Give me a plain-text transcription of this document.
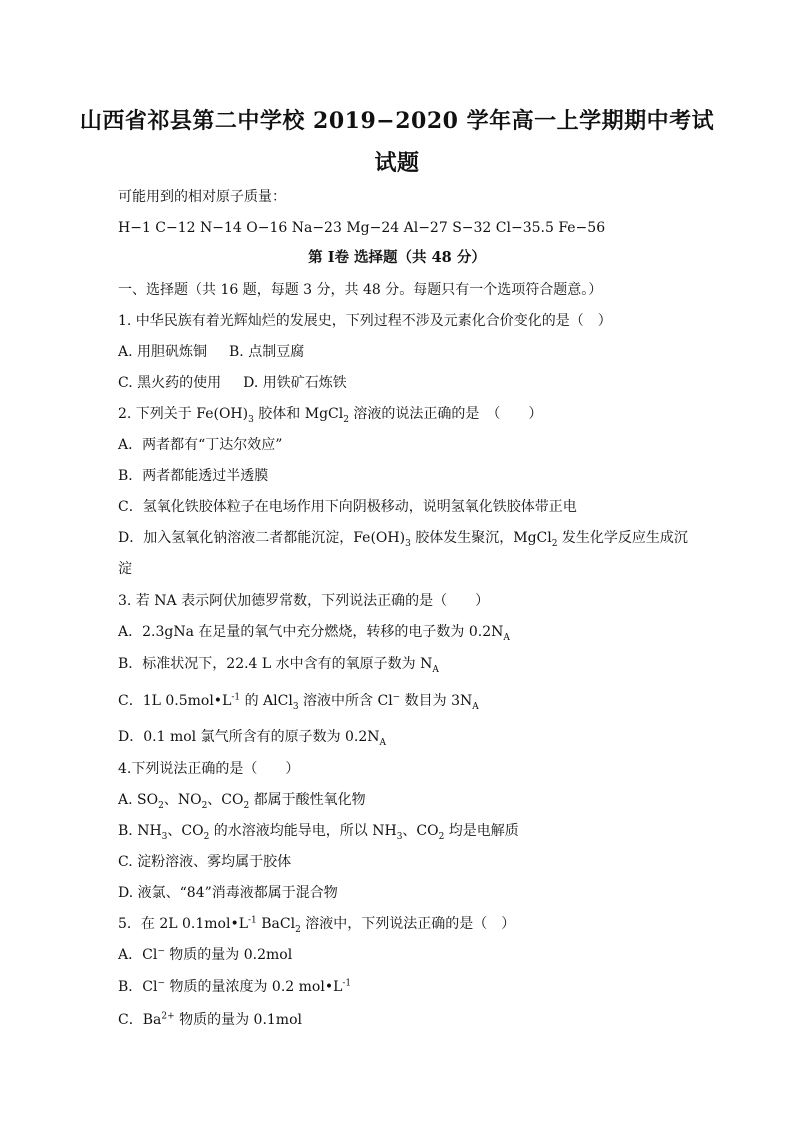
山西省祁县第二中学校 2019−2020 学年高一上学期期中考试
试题
可能用到的相对原子质量：
H−1 C−12 N−14 O−16 Na−23 Mg−24 Al−27 S−32 Cl−35.5 Fe−56
第 Ⅰ卷 选择题（共 48 分）
一、选择题（共 16 题，每题 3 分，共 48 分。每题只有一个选项符合题意。）
1. 中华民族有着光辉灿烂的发展史，下列过程不涉及元素化合价变化的是（　）
A. 用胆矾炼铜 B. 点制豆腐
C. 黑火药的使用 D. 用铁矿石炼铁
2. 下列关于 $Fe(OH)_3$ 胶体和 MgCl$_2$ 溶液的说法正确的是　（　　）
A．两者都有“丁达尔效应”
B．两者都能透过半透膜
C．氢氧化铁胶体粒子在电场作用下向阴极移动，说明氢氧化铁胶体带正电
D．加入氢氧化钠溶液二者都能沉淀，$Fe(OH)_3$ 胶体发生聚沉，MgCl$_2$ 发生化学反应生成沉
淀
3. 若 NA 表示阿伏加德罗常数，下列说法正确的是（　　）
A．2.3gNa 在足量的氧气中充分燃烧，转移的电子数为 $0.2N_A$
B．标准状况下，22.4 L 水中含有的氧原子数为 $N_A$
C．1L $0.5mol•L^{-1}$ 的 AlCl$_3$ 溶液中所含 Cl− 数目为 $3N_A$
D．0.1 mol 氯气所含有的原子数为 $0.2N_A$
4.下列说法正确的是（　　）
A. $SO_2$、$NO_2$、$CO_2$ 都属于酸性氧化物
B. $NH_3$、$CO_2$ 的水溶液均能导电，所以 $NH_3$、$CO_2$ 均是电解质
C. 淀粉溶液、雾均属于胶体
D. 液氯、“84”消毒液都属于混合物
5．在 2L $0.1mol•L^{-1}$ BaCl$_2$ 溶液中，下列说法正确的是（　）
A．Cl− 物质的量为 0.2mol
B．Cl− 物质的量浓度为 0.2 $mol•L^{-1}$
C．$Ba^{2+}$ 物质的量为 0.1mol
